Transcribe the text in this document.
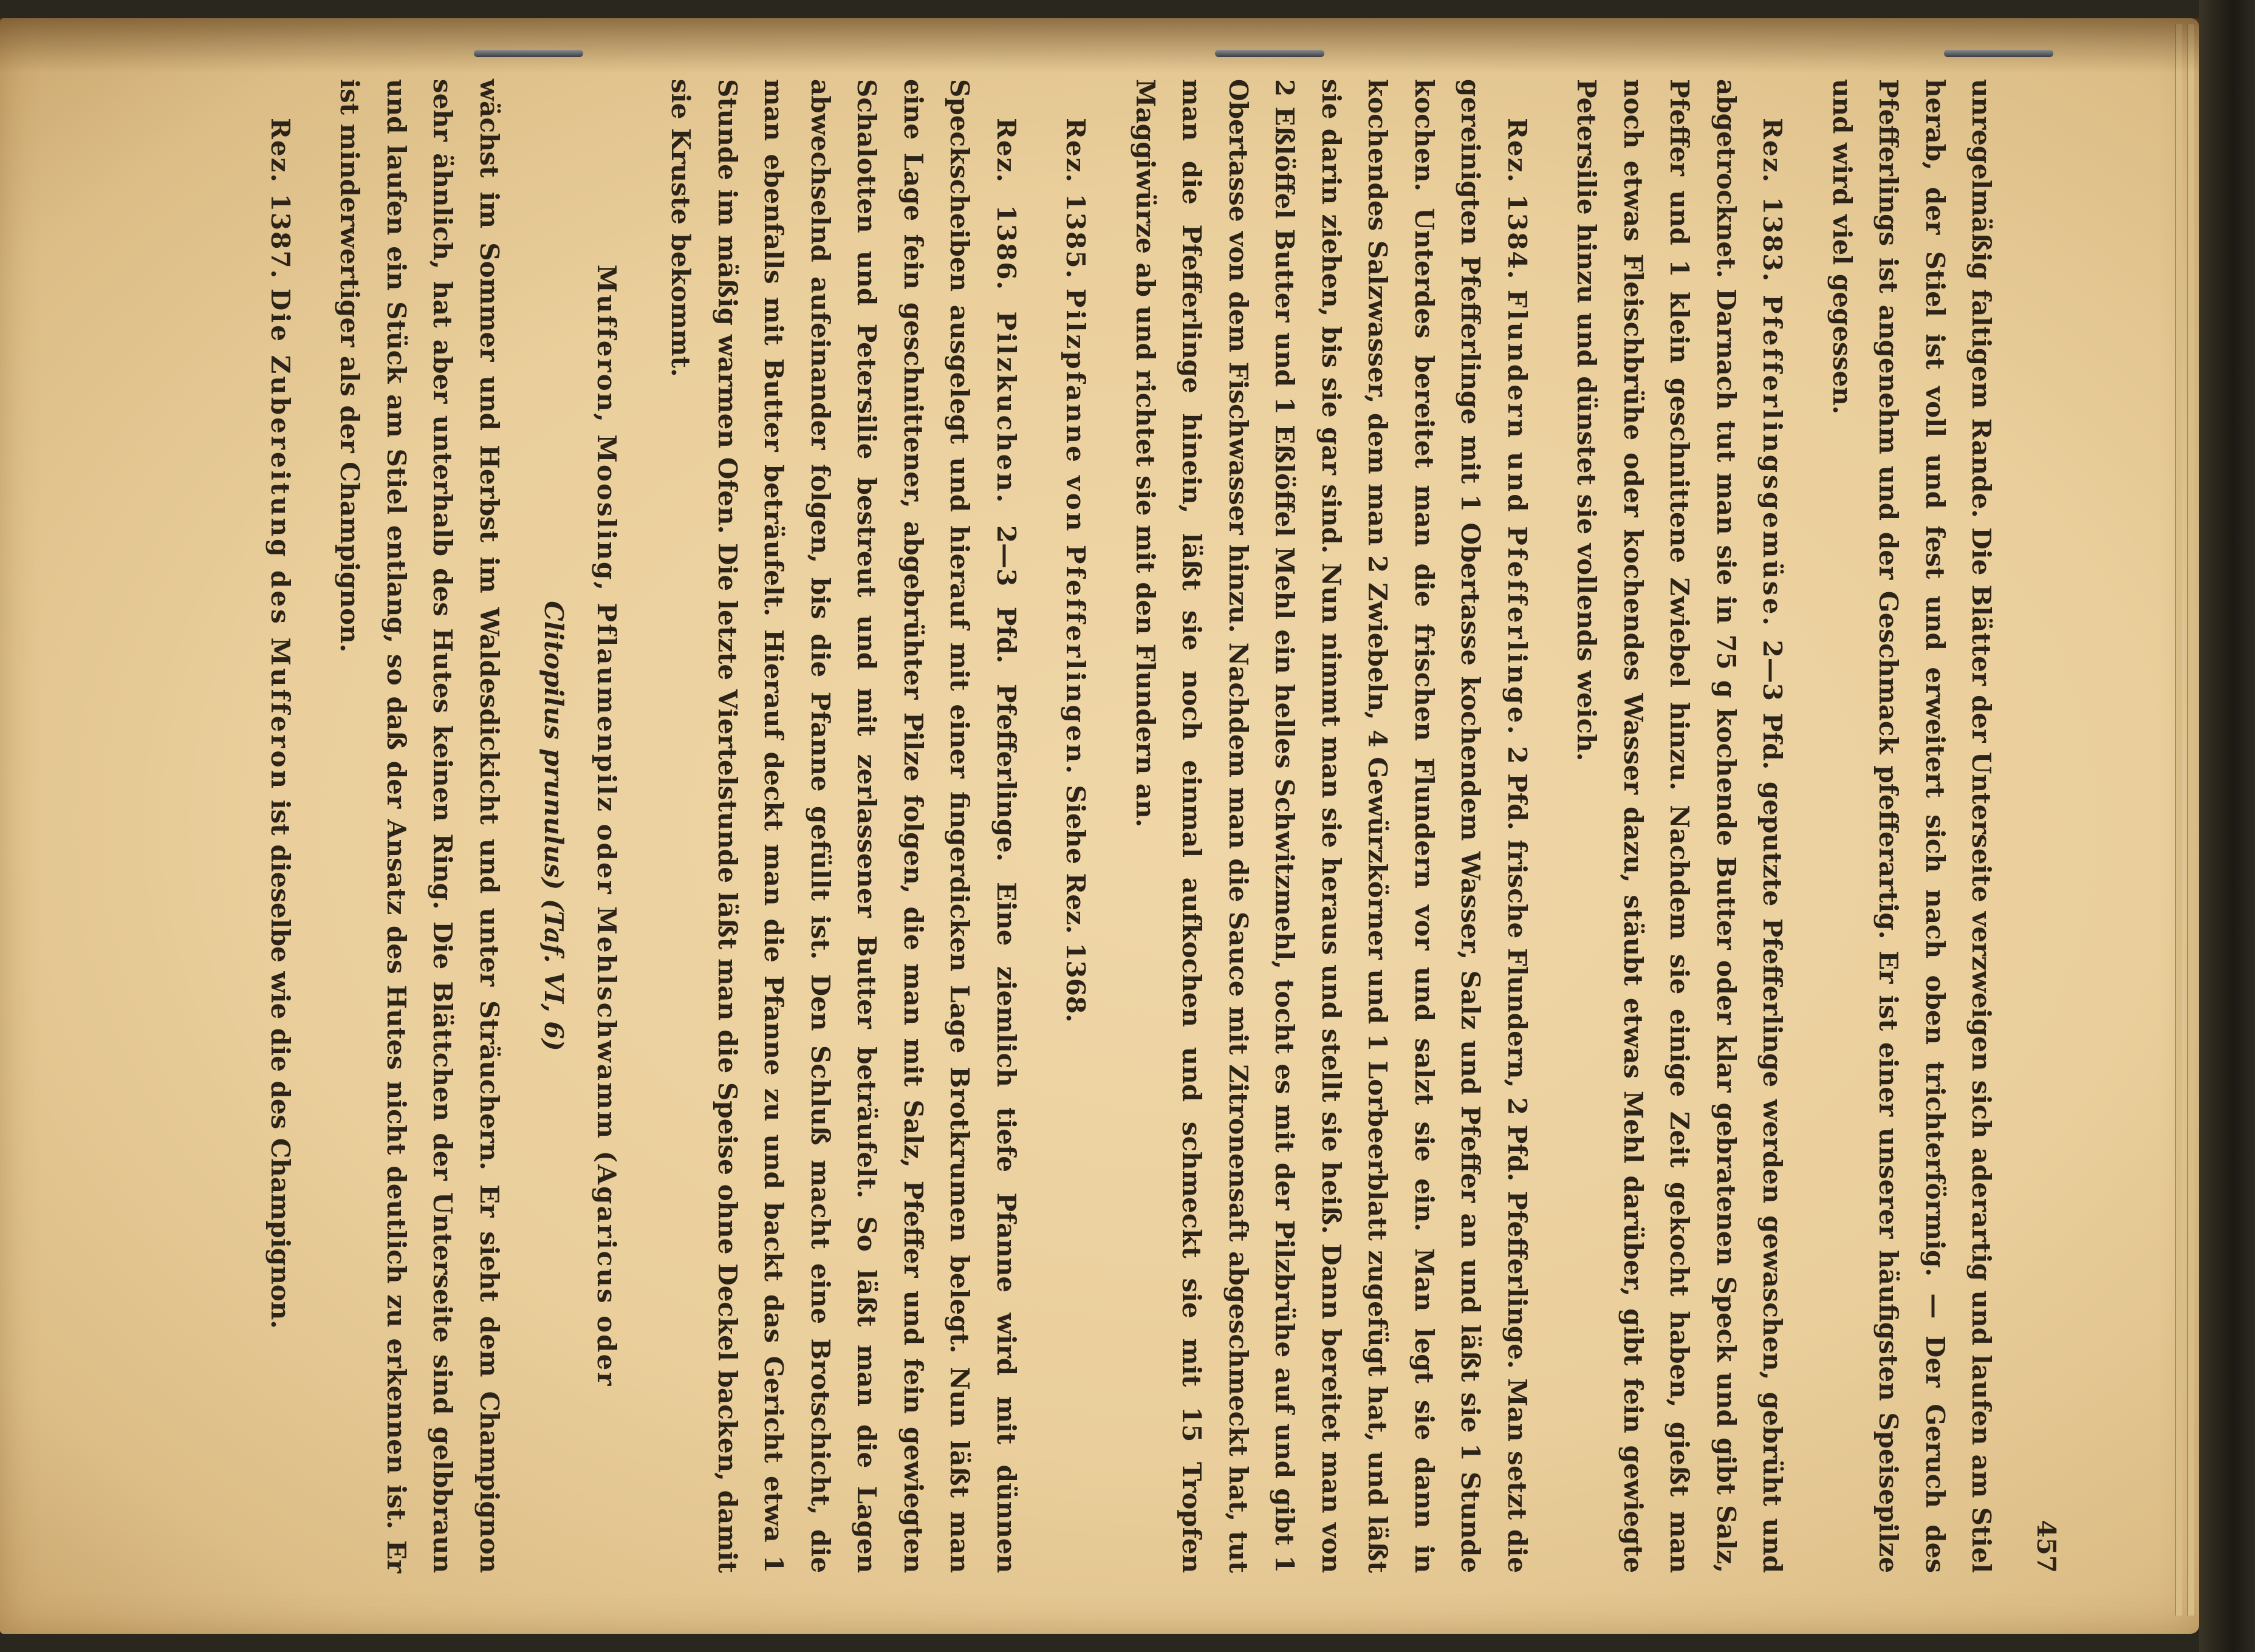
457

unregelmäßig faltigem Rande. Die Blätter der Unterseite verzweigen sich aderartig und laufen am Stiel herab, der Stiel ist voll und fest und erweitert sich nach oben trichterförmig. — Der Geruch des Pfefferlings ist angenehm und der Geschmack pfefferartig. Er ist einer unserer häufigsten Speisepilze und wird viel gegessen.

Rez. 1383. Pfefferlingsgemüse. 2—3 Pfd. geputzte Pfefferlinge werden gewaschen, gebrüht und abgetrocknet. Darnach tut man sie in 75 g kochende Butter oder klar gebratenen Speck und gibt Salz, Pfeffer und 1 klein geschnittene Zwiebel hinzu. Nachdem sie einige Zeit gekocht haben, gießt man noch etwas Fleischbrühe oder kochendes Wasser dazu, stäubt etwas Mehl darüber, gibt fein gewiegte Petersilie hinzu und dünstet sie vollends weich.

Rez. 1384. Flundern und Pfefferlinge. 2 Pfd. frische Flundern, 2 Pfd. Pfefferlinge. Man setzt die gereinigten Pfefferlinge mit 1 Obertasse kochendem Wasser, Salz und Pfeffer an und läßt sie 1 Stunde kochen. Unterdes bereitet man die frischen Flundern vor und salzt sie ein. Man legt sie dann in kochendes Salzwasser, dem man 2 Zwiebeln, 4 Gewürzkörner und 1 Lorbeerblatt zugefügt hat, und läßt sie darin ziehen, bis sie gar sind. Nun nimmt man sie heraus und stellt sie heiß. Dann bereitet man von 2 Eßlöffel Butter und 1 Eßlöffel Mehl ein helles Schwitzmehl, tocht es mit der Pilzbrühe auf und gibt 1 Obertasse von dem Fischwasser hinzu. Nachdem man die Sauce mit Zitronensaft abgeschmeckt hat, tut man die Pfefferlinge hinein, läßt sie noch einmal aufkochen und schmeckt sie mit 15 Tropfen Maggiwürze ab und richtet sie mit den Flundern an.

Rez. 1385. Pilzpfanne von Pfefferlingen. Siehe Rez. 1368.

Rez. 1386. Pilzkuchen. 2—3 Pfd. Pfefferlinge. Eine ziemlich tiefe Pfanne wird mit dünnen Speckscheiben ausgelegt und hierauf mit einer fingerdicken Lage Brotkrumen belegt. Nun läßt man eine Lage fein geschnittener, abgebrühter Pilze folgen, die man mit Salz, Pfeffer und fein gewiegten Schalotten und Petersilie bestreut und mit zerlassener Butter beträufelt. So läßt man die Lagen abwechselnd aufeinander folgen, bis die Pfanne gefüllt ist. Den Schluß macht eine Brotschicht, die man ebenfalls mit Butter beträufelt. Hierauf deckt man die Pfanne zu und backt das Gericht etwa 1 Stunde im mäßig warmen Ofen. Die letzte Viertelstunde läßt man die Speise ohne Deckel backen, damit sie Kruste bekommt.

Mufferon, Moosling, Pflaumenpilz oder Mehlschwamm (Agaricus oder
Clitopilus prunulus) (Taf. VI, 6)

wächst im Sommer und Herbst im Waldesdickicht und unter Sträuchern. Er sieht dem Champignon sehr ähnlich, hat aber unterhalb des Hutes keinen Ring. Die Blättchen der Unterseite sind gelbbraun und laufen ein Stück am Stiel entlang, so daß der Ansatz des Hutes nicht deutlich zu erkennen ist. Er ist minderwertiger als der Champignon.

Rez. 1387. Die Zubereitung des Mufferon ist dieselbe wie die des Champignon.
